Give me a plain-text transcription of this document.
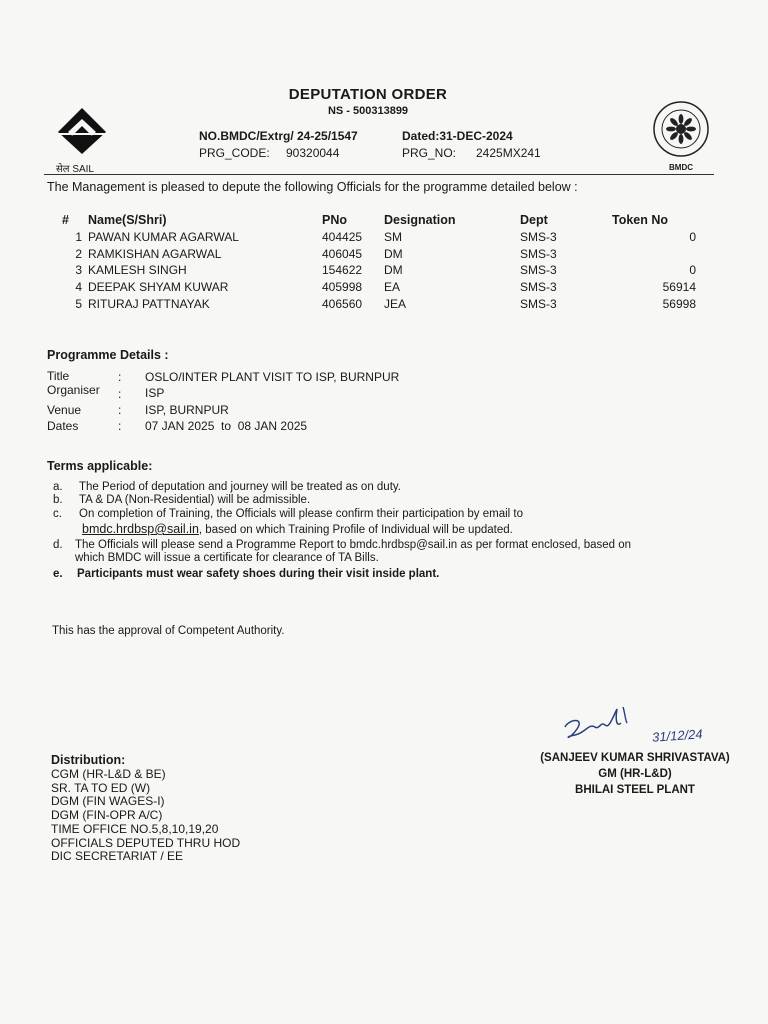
सेल SAIL	BMDC
DEPUTATION ORDER
NS - 500313899
NO.BMDC/Extrg/ 24-25/1547	Dated:31-DEC-2024
PRG_CODE: 90320044	PRG_NO: 2425MX241
The Management is pleased to depute the following Officials for the programme detailed below :
#	Name(S/Shri)	PNo	Designation	Dept	Token No
1	PAWAN KUMAR AGARWAL	404425	SM	SMS-3	0
2	RAMKISHAN AGARWAL	406045	DM	SMS-3	
3	KAMLESH SINGH	154622	DM	SMS-3	0
4	DEEPAK SHYAM KUWAR	405998	EA	SMS-3	56914
5	RITURAJ PATTNAYAK	406560	JEA	SMS-3	56998
Programme Details :
Title	: OSLO/INTER PLANT VISIT TO ISP, BURNPUR
Organiser : ISP
Venue	: ISP, BURNPUR
Dates	: 07 JAN 2025  to  08 JAN 2025
Terms applicable:
a. The Period of deputation and journey will be treated as on duty.
b. TA & DA (Non-Residential) will be admissible.
c. On completion of Training, the Officials will please confirm their participation by email to
bmdc.hrdbsp@sail.in, based on which Training Profile of Individual will be updated.
d. The Officials will please send a Programme Report to bmdc.hrdbsp@sail.in as per format enclosed, based on
which BMDC will issue a certificate for clearance of TA Bills.
e. Participants must wear safety shoes during their visit inside plant.
This has the approval of Competent Authority.
31/12/24
(SANJEEV KUMAR SHRIVASTAVA)
GM (HR-L&D)
BHILAI STEEL PLANT
Distribution:
CGM (HR-L&D & BE)
SR. TA TO ED (W)
DGM (FIN WAGES-I)
DGM (FIN-OPR A/C)
TIME OFFICE NO.5,8,10,19,20
OFFICIALS DEPUTED THRU HOD
DIC SECRETARIAT / EE
